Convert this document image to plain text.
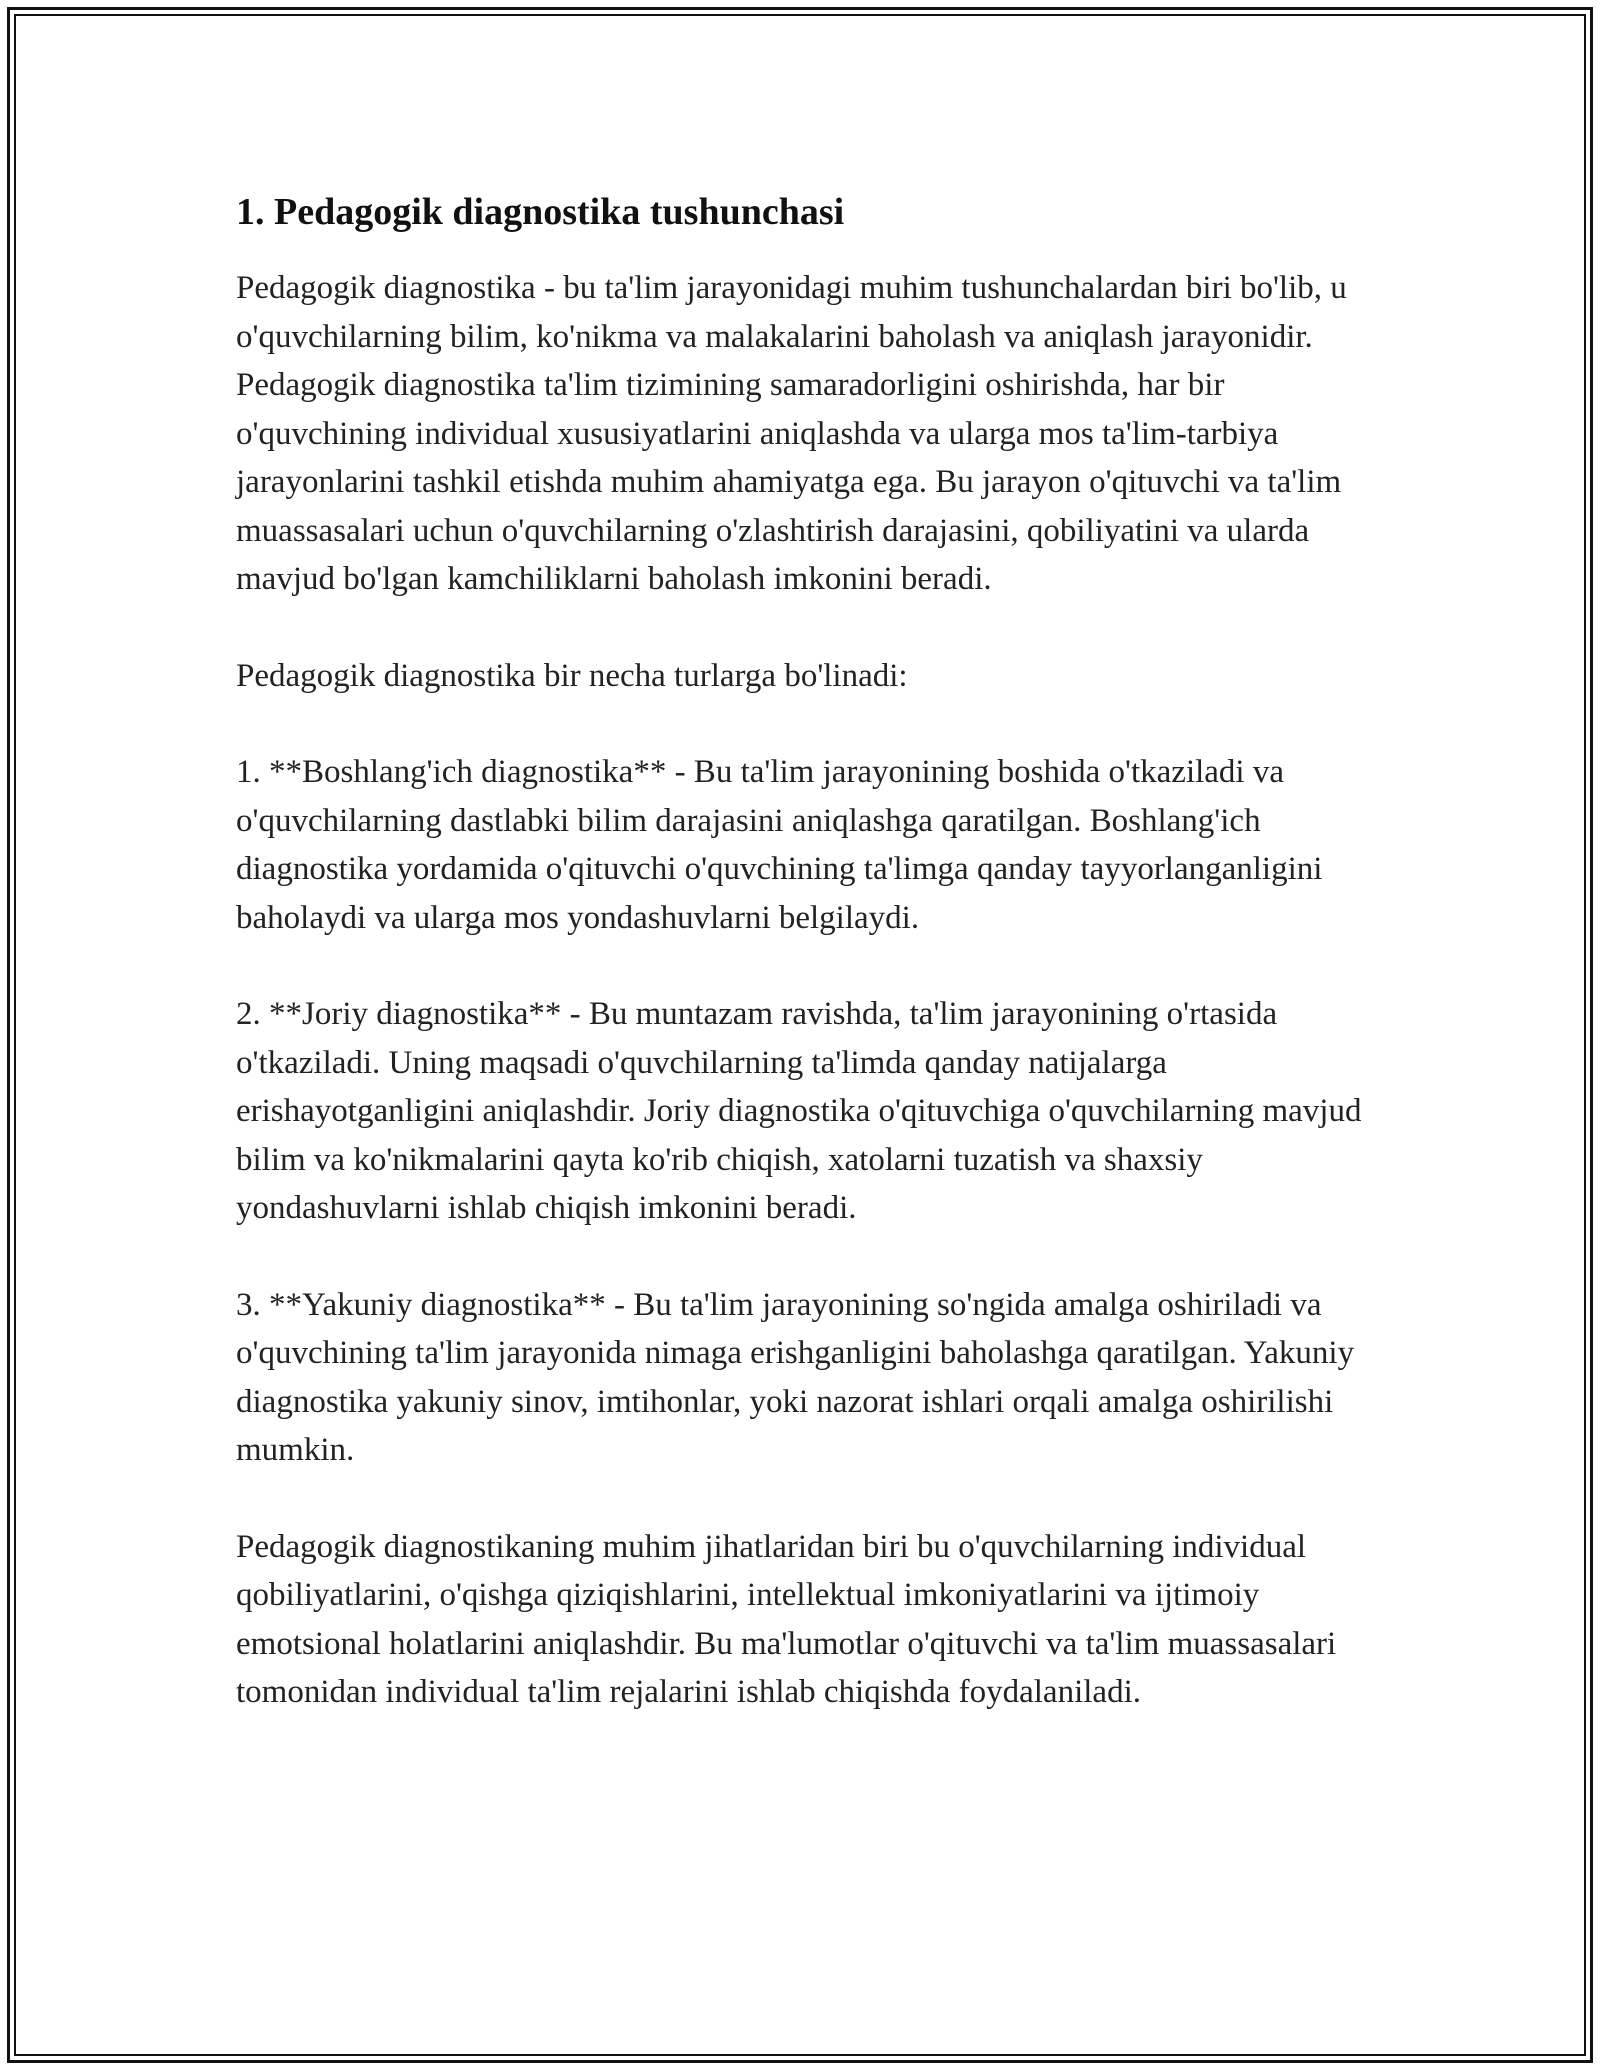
1. Pedagogik diagnostika tushunchasi

Pedagogik diagnostika - bu ta'lim jarayonidagi muhim tushunchalardan biri bo'lib, u o'quvchilarning bilim, ko'nikma va malakalarini baholash va aniqlash jarayonidir. Pedagogik diagnostika ta'lim tizimining samaradorligini oshirishda, har bir o'quvchining individual xususiyatlarini aniqlashda va ularga mos ta'lim-tarbiya jarayonlarini tashkil etishda muhim ahamiyatga ega. Bu jarayon o'qituvchi va ta'lim muassasalari uchun o'quvchilarning o'zlashtirish darajasini, qobiliyatini va ularda mavjud bo'lgan kamchiliklarni baholash imkonini beradi.

Pedagogik diagnostika bir necha turlarga bo'linadi:

1. **Boshlang'ich diagnostika** - Bu ta'lim jarayonining boshida o'tkaziladi va o'quvchilarning dastlabki bilim darajasini aniqlashga qaratilgan. Boshlang'ich diagnostika yordamida o'qituvchi o'quvchining ta'limga qanday tayyorlanganligini baholaydi va ularga mos yondashuvlarni belgilaydi.

2. **Joriy diagnostika** - Bu muntazam ravishda, ta'lim jarayonining o'rtasida o'tkaziladi. Uning maqsadi o'quvchilarning ta'limda qanday natijalarga erishayotganligini aniqlashdir. Joriy diagnostika o'qituvchiga o'quvchilarning mavjud bilim va ko'nikmalarini qayta ko'rib chiqish, xatolarni tuzatish va shaxsiy yondashuvlarni ishlab chiqish imkonini beradi.

3. **Yakuniy diagnostika** - Bu ta'lim jarayonining so'ngida amalga oshiriladi va o'quvchining ta'lim jarayonida nimaga erishganligini baholashga qaratilgan. Yakuniy diagnostika yakuniy sinov, imtihonlar, yoki nazorat ishlari orqali amalga oshirilishi mumkin.

Pedagogik diagnostikaning muhim jihatlaridan biri bu o'quvchilarning individual qobiliyatlarini, o'qishga qiziqishlarini, intellektual imkoniyatlarini va ijtimoiy emotsional holatlarini aniqlashdir. Bu ma'lumotlar o'qituvchi va ta'lim muassasalari tomonidan individual ta'lim rejalarini ishlab chiqishda foydalaniladi.
